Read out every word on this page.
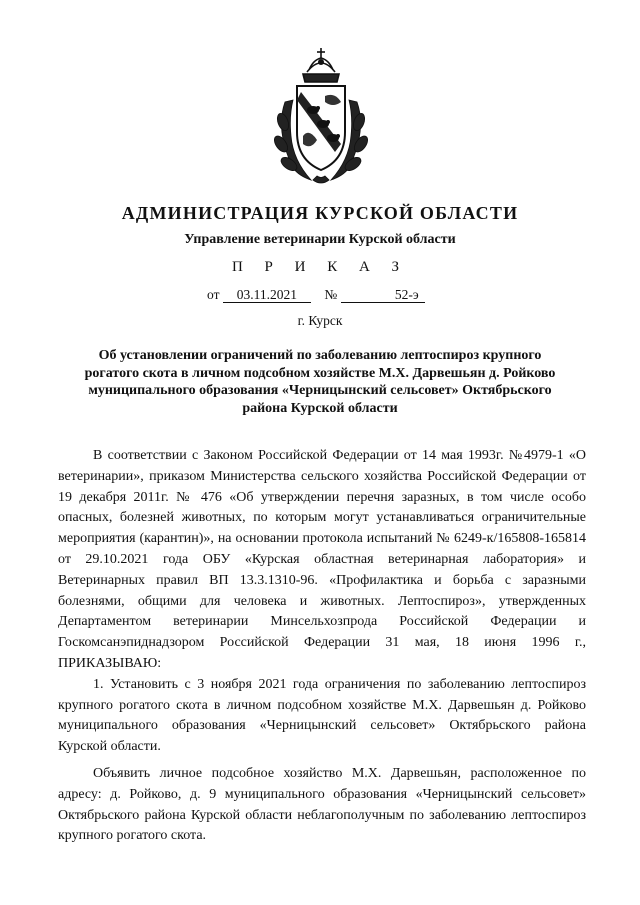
АДМИНИСТРАЦИЯ КУРСКОЙ ОБЛАСТИ
Управление ветеринарии Курской области
П Р И К А З
от 03.11.2021 №	52-э
г. Курск
Об установлении ограничений по заболеванию лептоспироз крупного рогатого скота в личном подсобном хозяйстве М.Х. Дарвешьян д. Ройково муниципального образования «Черницынский сельсовет» Октябрьского района Курской области

В соответствии с Законом Российской Федерации от 14 мая 1993г. №4979-1 «О ветеринарии», приказом Министерства сельского хозяйства Российской Федерации от 19 декабря 2011г. № 476 «Об утверждении перечня заразных, в том числе особо опасных, болезней животных, по которым могут устанавливаться ограничительные мероприятия (карантин)», на основании протокола испытаний № 6249-к/165808-165814 от 29.10.2021 года ОБУ «Курская областная ветеринарная лаборатория» и Ветеринарных правил ВП 13.3.1310-96. «Профилактика и борьба с заразными болезнями, общими для человека и животных. Лептоспироз», утвержденных Департаментом ветеринарии Минсельхозпрода Российской Федерации и Госкомсанэпиднадзором Российской Федерации 31 мая, 18 июня 1996 г., ПРИКАЗЫВАЮ:

1. Установить с 3 ноября 2021 года ограничения по заболеванию лептоспироз крупного рогатого скота в личном подсобном хозяйстве М.Х. Дарвешьян д. Ройково муниципального образования «Черницынский сельсовет» Октябрьского района Курской области.

Объявить личное подсобное хозяйство М.Х. Дарвешьян, расположенное по адресу: д. Ройково, д. 9 муниципального образования «Черницынский сельсовет» Октябрьского района Курской области неблагополучным по заболеванию лептоспироз крупного рогатого скота.
